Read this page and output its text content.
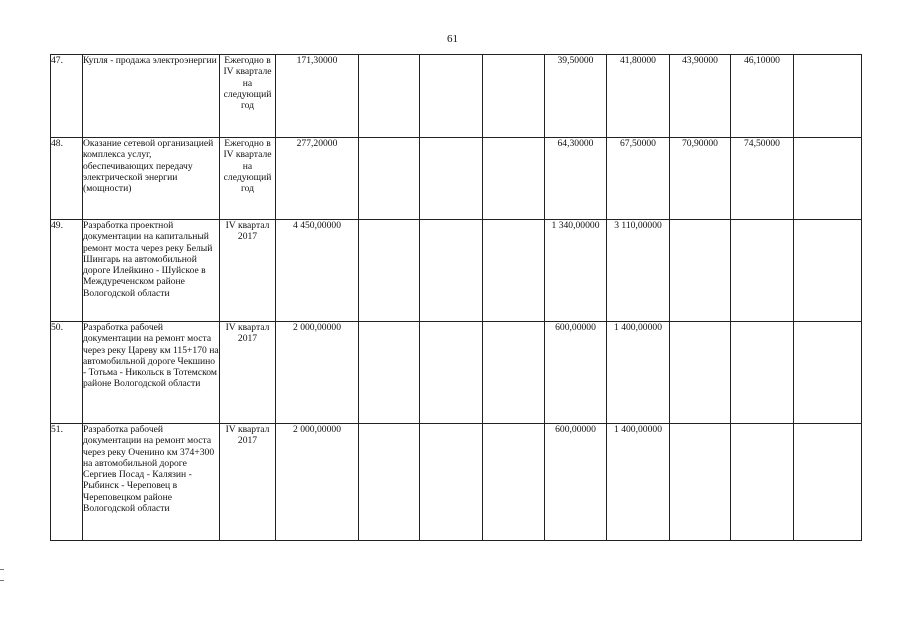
61
47.	Купля - продажа электроэнергии	Ежегодно в IV квартале на следующий год	171,30000				39,50000	41,80000	43,90000	46,10000	
48.	Оказание сетевой организацией комплекса услуг, обеспечивающих передачу электрической энергии (мощности)	Ежегодно в IV квартале на следующий год	277,20000				64,30000	67,50000	70,90000	74,50000	
49.	Разработка проектной документации на капитальный ремонт моста через реку Белый Шингарь на автомобильной дороге Илейкино - Шуйское в Междуреченском районе Вологодской области	IV квартал 2017	4 450,00000				1 340,00000	3 110,00000			
50.	Разработка рабочей документации на ремонт моста через реку Цареву км 115+170 на автомобильной дороге Чекшино - Тотьма - Никольск в Тотемском районе Вологодской области	IV квартал 2017	2 000,00000				600,00000	1 400,00000			
51.	Разработка рабочей документации на ремонт моста через реку Оченино км 374+300 на автомобильной дороге Сергиев Посад - Калязин - Рыбинск - Череповец в Череповецком районе Вологодской области	IV квартал 2017	2 000,00000				600,00000	1 400,00000			
